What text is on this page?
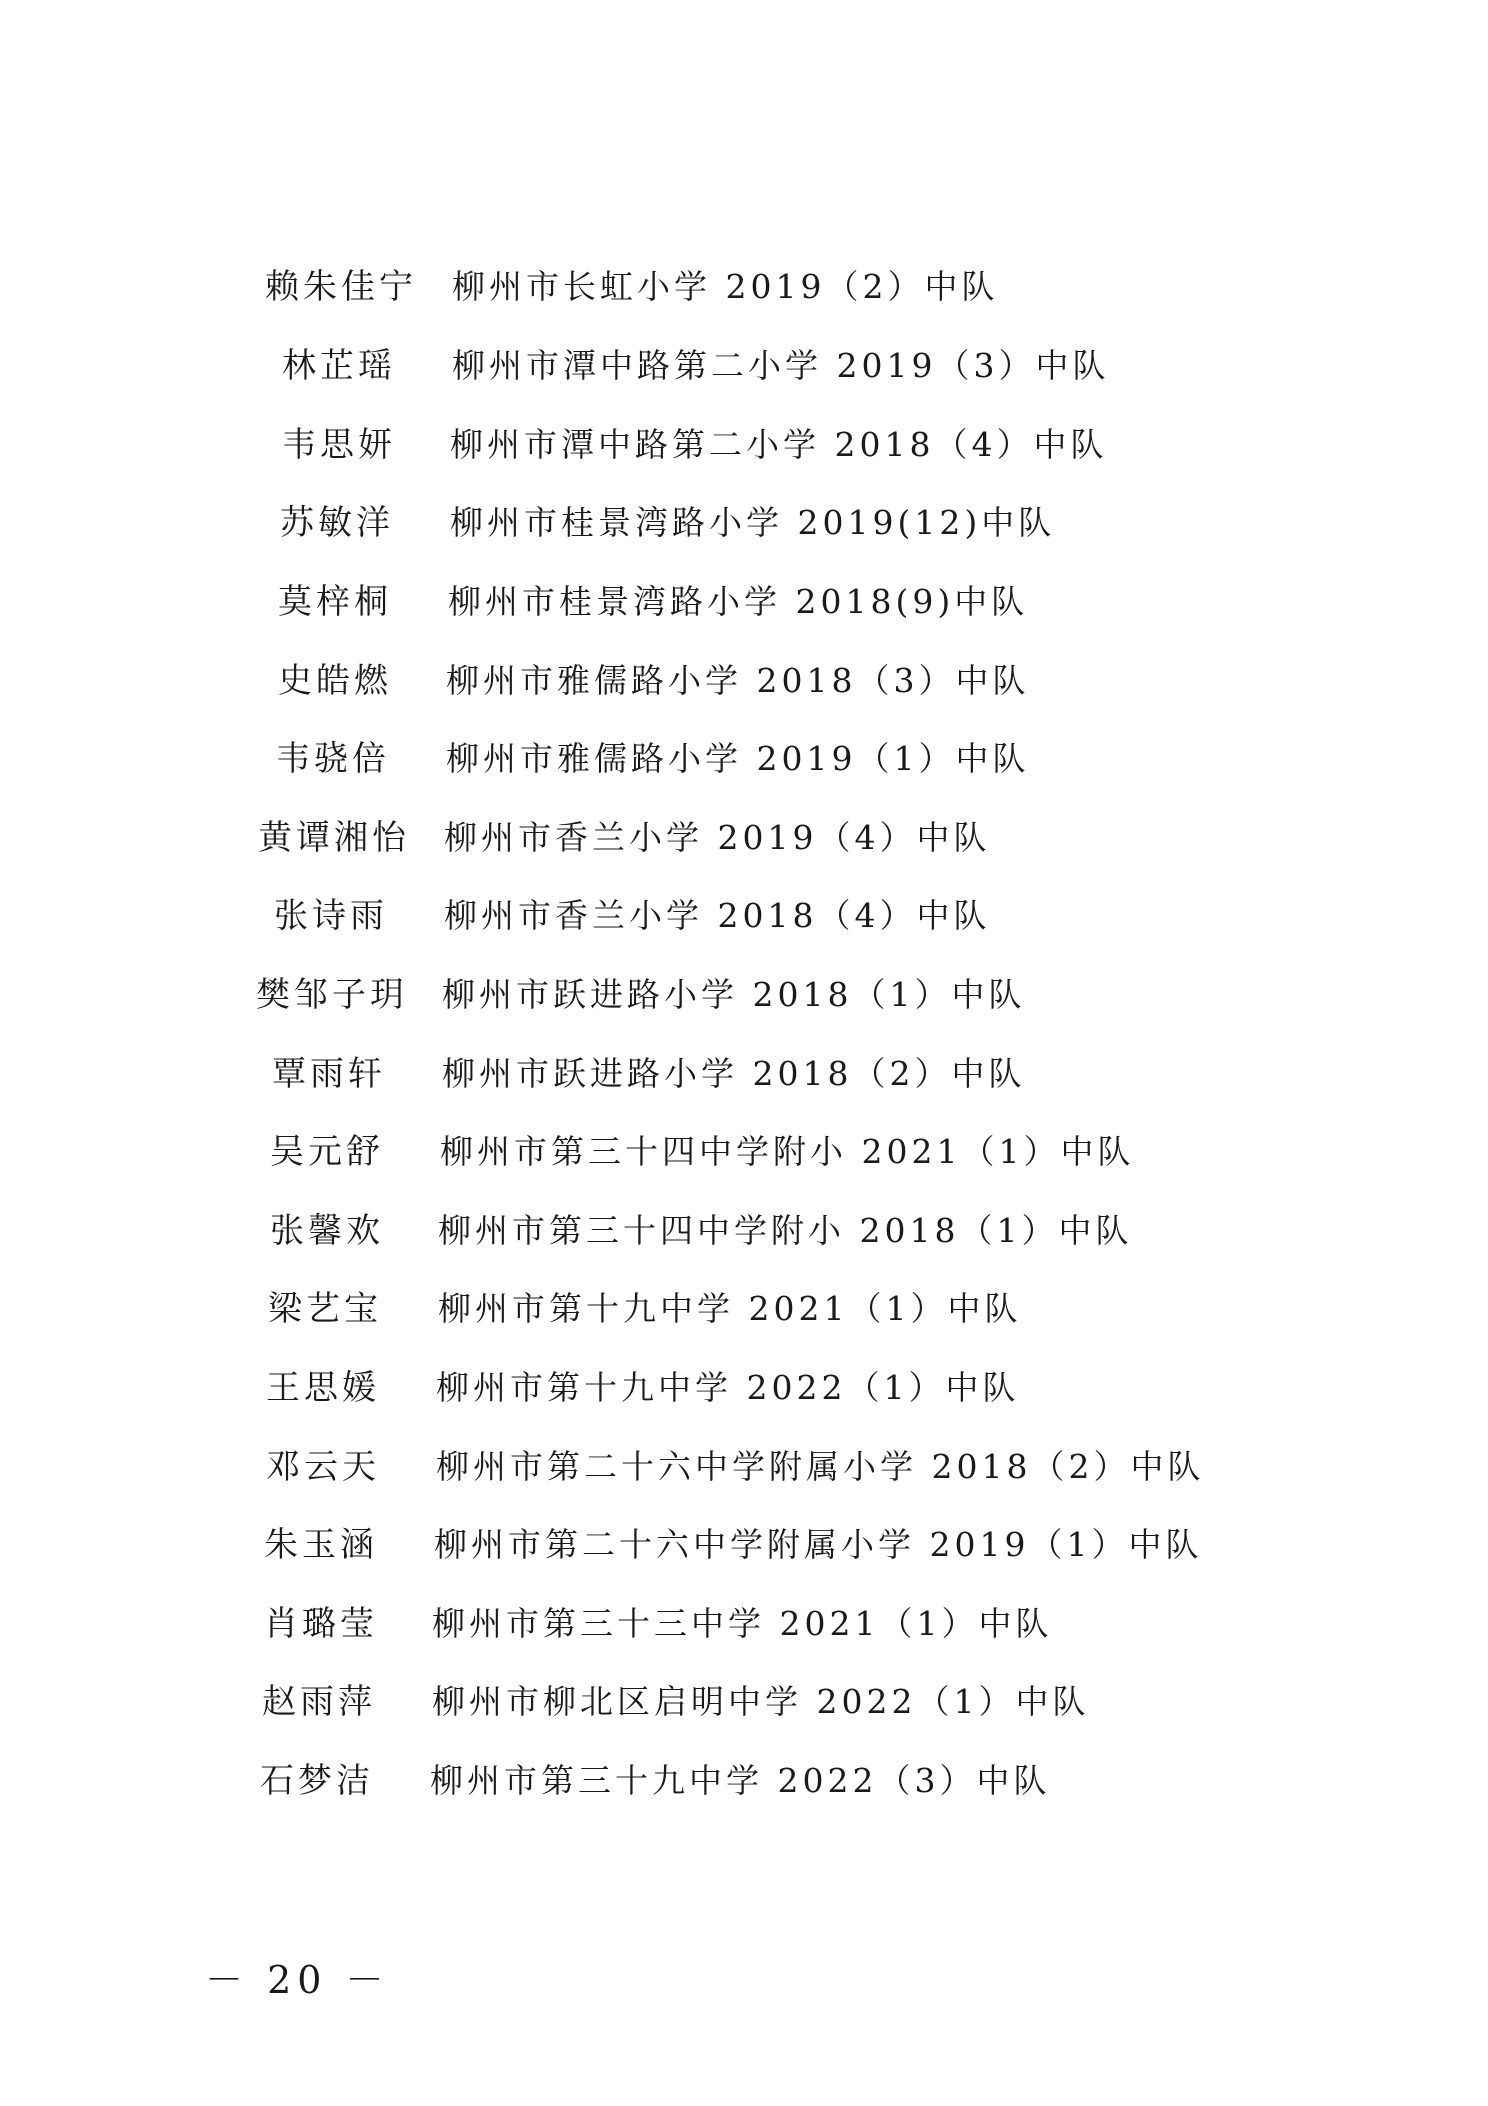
赖朱佳宁 柳州市长虹小学 2019（2）中队
林芷瑶 柳州市潭中路第二小学 2019（3）中队
韦思妍 柳州市潭中路第二小学 2018（4）中队
苏敏洋 柳州市桂景湾路小学 2019(12)中队
莫梓桐 柳州市桂景湾路小学 2018(9)中队
史皓燃 柳州市雅儒路小学 2018（3）中队
韦骁倍 柳州市雅儒路小学 2019（1）中队
黄谭湘怡 柳州市香兰小学 2019（4）中队
张诗雨 柳州市香兰小学 2018（4）中队
樊邹子玥 柳州市跃进路小学 2018（1）中队
覃雨轩 柳州市跃进路小学 2018（2）中队
吴元舒 柳州市第三十四中学附小 2021（1）中队
张馨欢 柳州市第三十四中学附小 2018（1）中队
梁艺宝 柳州市第十九中学 2021（1）中队
王思媛 柳州市第十九中学 2022（1）中队
邓云天 柳州市第二十六中学附属小学 2018（2）中队
朱玉涵 柳州市第二十六中学附属小学 2019（1）中队
肖璐莹 柳州市第三十三中学 2021（1）中队
赵雨萍 柳州市柳北区启明中学 2022（1）中队
石梦洁 柳州市第三十九中学 2022（3）中队
－ 20 －
